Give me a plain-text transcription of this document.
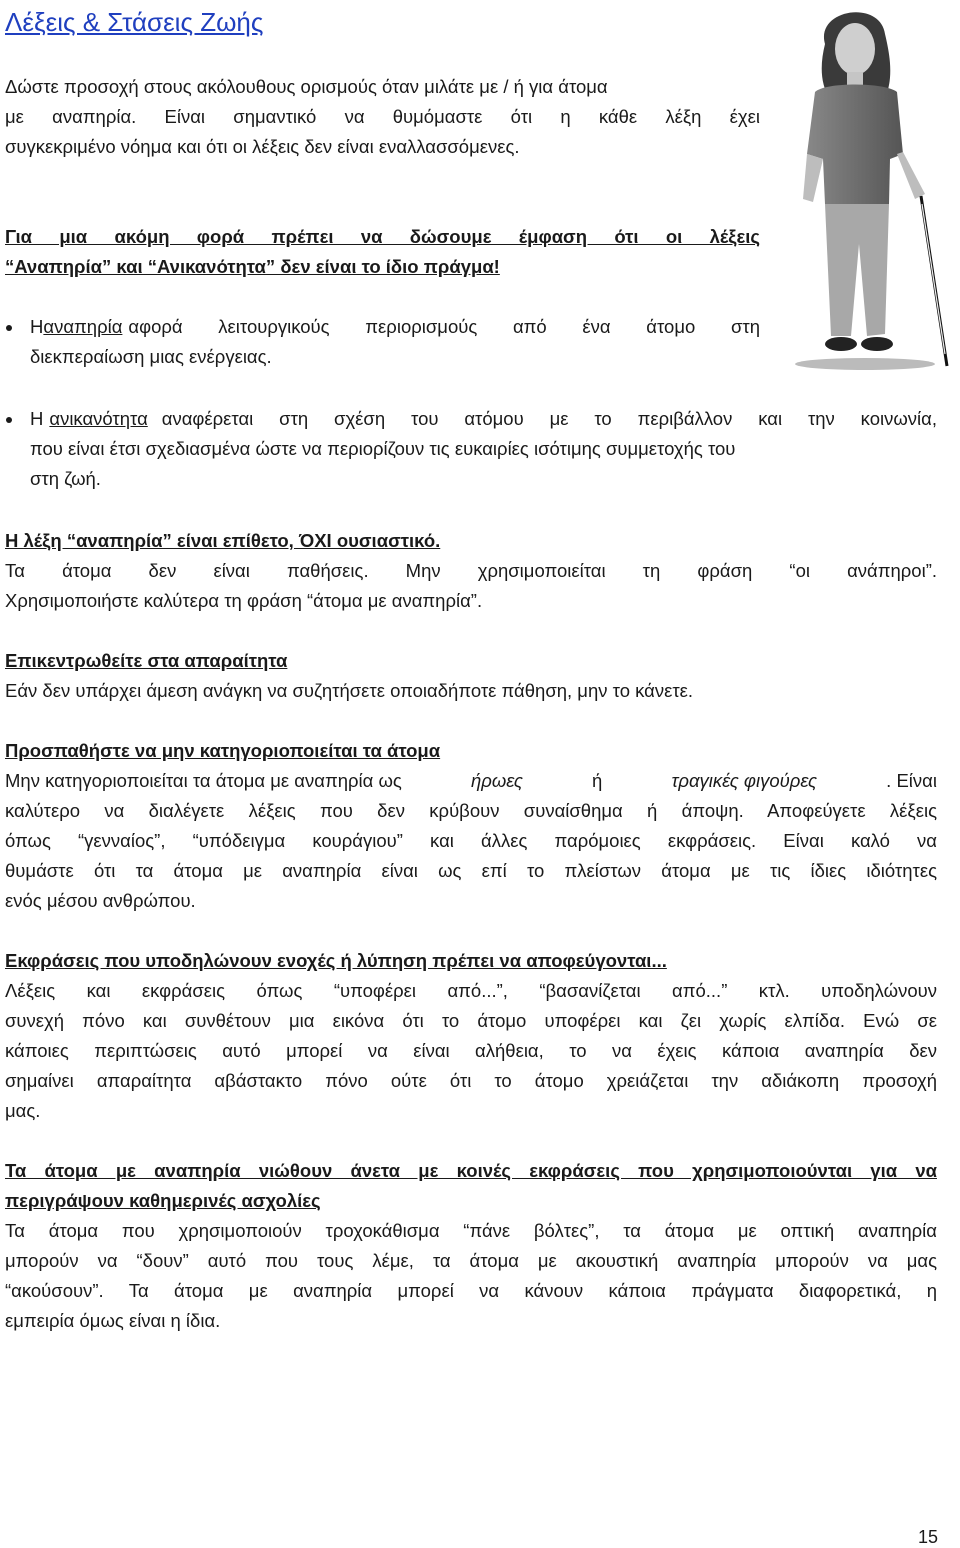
Λέξεις & Στάσεις Ζωής
Δώστε προσοχή στους ακόλουθους ορισμούς όταν μιλάτε με / ή για άτομα
με αναπηρία. Είναι σημαντικό να θυμόμαστε ότι η κάθε λέξη έχει
συγκεκριμένο νόημα και ότι οι λέξεις δεν είναι εναλλασσόμενες.
Για μια ακόμη φορά πρέπει να δώσουμε έμφαση ότι οι λέξεις
“Αναπηρία” και “Ανικανότητα” δεν είναι το ίδιο πράγμα!
Η αναπηρία αφορά λειτουργικούς περιορισμούς από ένα άτομο στη
διεκπεραίωση μιας ενέργειας.
Η ανικανότητα αναφέρεται στη σχέση του ατόμου με το περιβάλλον και την κοινωνία,
που είναι έτσι σχεδιασμένα ώστε να περιορίζουν τις ευκαιρίες ισότιμης συμμετοχής του
στη ζωή.
Η λέξη “αναπηρία” είναι επίθετο, ΌΧΙ ουσιαστικό.
Τα άτομα δεν είναι παθήσεις. Μην χρησιμοποιείται τη φράση “οι ανάπηροι”.
Χρησιμοποιήστε καλύτερα τη φράση “άτομα με αναπηρία”.
Επικεντρωθείτε στα απαραίτητα
Εάν δεν υπάρχει άμεση ανάγκη να συζητήσετε οποιαδήποτε πάθηση, μην το κάνετε.
Προσπαθήστε να μην κατηγοριοποιείται τα άτομα
Μην κατηγοριοποιείται τα άτομα με αναπηρία ως	ήρωες	ή	τραγικές φιγούρες	. Είναι
καλύτερο να διαλέγετε λέξεις που δεν κρύβουν συναίσθημα ή άποψη. Αποφεύγετε λέξεις
όπως “γενναίος”, “υπόδειγμα κουράγιου” και άλλες παρόμοιες εκφράσεις. Είναι καλό να
θυμάστε ότι τα άτομα με αναπηρία είναι ως επί το πλείστων άτομα με τις ίδιες ιδιότητες
ενός μέσου ανθρώπου.
Εκφράσεις που υποδηλώνουν ενοχές ή λύπηση πρέπει να αποφεύγονται...
Λέξεις και εκφράσεις όπως “υποφέρει από...”, “βασανίζεται από...” κτλ. υποδηλώνουν
συνεχή πόνο και συνθέτουν μια εικόνα ότι το άτομο υποφέρει και ζει χωρίς ελπίδα. Ενώ σε
κάποιες περιπτώσεις αυτό μπορεί να είναι αλήθεια, το να έχεις κάποια αναπηρία δεν
σημαίνει απαραίτητα αβάστακτο πόνο ούτε ότι το άτομο χρειάζεται την αδιάκοπη προσοχή
μας.
Τα άτομα με αναπηρία νιώθουν άνετα με κοινές εκφράσεις που χρησιμοποιούνται για να
περιγράψουν καθημερινές ασχολίες
Τα άτομα που χρησιμοποιούν τροχοκάθισμα “πάνε βόλτες”, τα άτομα με οπτική αναπηρία
μπορούν να “δουν” αυτό που τους λέμε, τα άτομα με ακουστική αναπηρία μπορούν να μας
“ακούσουν”. Τα άτομα με αναπηρία μπορεί να κάνουν κάποια πράγματα διαφορετικά, η
εμπειρία όμως είναι η ίδια.
15
